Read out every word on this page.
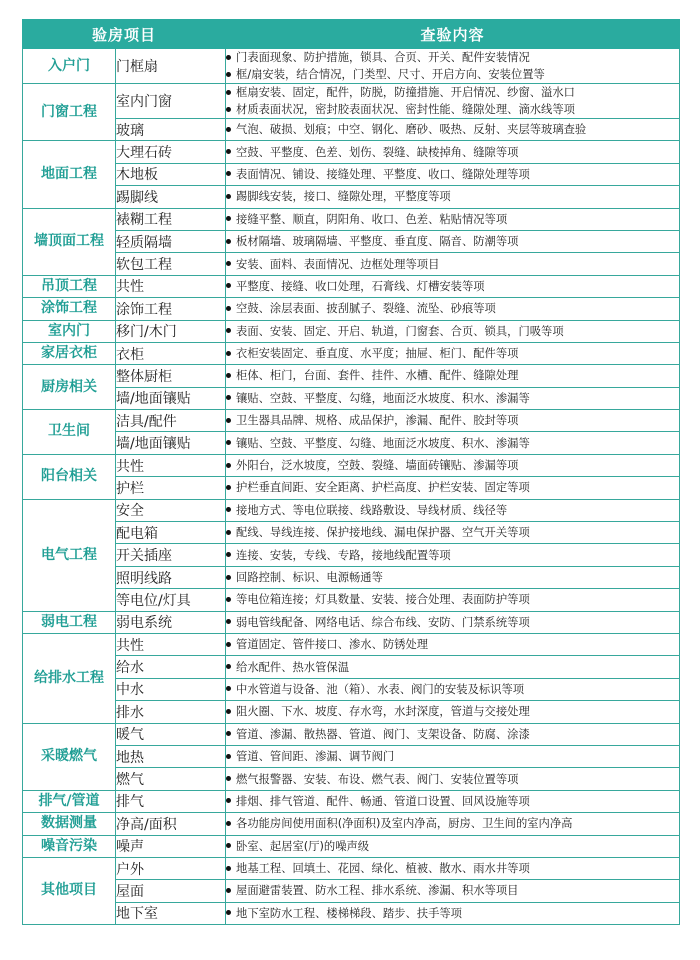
验房项目		查验内容
入户门	门框扇	门表面现象、防护措施，锁具、合页、开关、配件安装情况
框/扇安装，结合情况，门类型、尺寸、开启方向、安装位置等

门窗工程	室内门窗	框扇安装、固定，配件，防脱，防撞措施、开启情况、纱窗、溢水口
材质表面状况，密封胶表面状况、密封性能、缝隙处理、滴水线等项

	玻璃	气泡、破损、划痕；中空、钢化、磨砂、吸热、反射、夹层等玻璃查验

地面工程	大理石砖	空鼓、平整度、色差、划伤、裂缝、缺棱掉角、缝隙等项

	木地板	表面情况、铺设、接缝处理、平整度、收口、缝隙处理等项

	踢脚线	踢脚线安装，接口、缝隙处理，平整度等项

墙顶面工程	裱糊工程	接缝平整、顺直，阴阳角、收口、色差、粘贴情况等项

	轻质隔墙	板材隔墙、玻璃隔墙、平整度、垂直度、隔音、防潮等项

	软包工程	安装、面料、表面情况、边框处理等项目

吊顶工程	共性	平整度、接缝、收口处理，石膏线、灯槽安装等项

涂饰工程	涂饰工程	空鼓、涂层表面、披刮腻子、裂缝、流坠、砂痕等项

室内门	移门/木门	表面、安装、固定、开启、轨道，门窗套、合页、锁具，门吸等项

家居衣柜	衣柜	衣柜安装固定、垂直度、水平度；抽屉、柜门、配件等项

厨房相关	整体厨柜	柜体、柜门，台面、套件、挂件、水槽、配件、缝隙处理

	墙/地面镶贴	镶贴、空鼓、平整度、勾缝，地面泛水坡度、积水、渗漏等

卫生间	洁具/配件	卫生器具品牌、规格、成品保护，渗漏、配件、胶封等项

	墙/地面镶贴	镶贴、空鼓、平整度、勾缝、地面泛水坡度、积水、渗漏等

阳台相关	共性	外阳台，泛水坡度，空鼓、裂缝、墙面砖镶贴、渗漏等项

	护栏	护栏垂直间距、安全距离、护栏高度、护栏安装、固定等项

电气工程	安全	接地方式、等电位联接、线路敷设、导线材质、线径等

	配电箱	配线、导线连接、保护接地线、漏电保护器、空气开关等项

	开关插座	连接、安装，专线、专路，接地线配置等项

	照明线路	回路控制、标识、电源畅通等

	等电位/灯具	等电位箱连接；灯具数量、安装、接合处理、表面防护等项

弱电工程	弱电系统	弱电管线配备、网络电话、综合布线、安防、门禁系统等项

给排水工程	共性	管道固定、管件接口、渗水、防锈处理

	给水	给水配件、热水管保温

	中水	中水管道与设备、池（箱）、水表、阀门的安装及标识等项

	排水	阻火圈、下水、坡度、存水弯，水封深度，管道与交接处理

采暖燃气	暖气	管道、渗漏、散热器、管道、阀门、支架设备、防腐、涂漆

	地热	管道、管间距、渗漏、调节阀门

	燃气	燃气报警器、安装、布设、燃气表、阀门、安装位置等项

排气/管道	排气	排烟、排气管道、配件、畅通、管道口设置、回风设施等项

数据测量	净高/面积	各功能房间使用面积(净面积)及室内净高，厨房、卫生间的室内净高

噪音污染	噪声	卧室、起居室(厅)的噪声级

其他项目	户外	地基工程、回填土、花园、绿化、植被、散水、雨水井等项

	屋面	屋面避雷装置、防水工程、排水系统、渗漏、积水等项目

	地下室	地下室防水工程、楼梯梯段、踏步、扶手等项
